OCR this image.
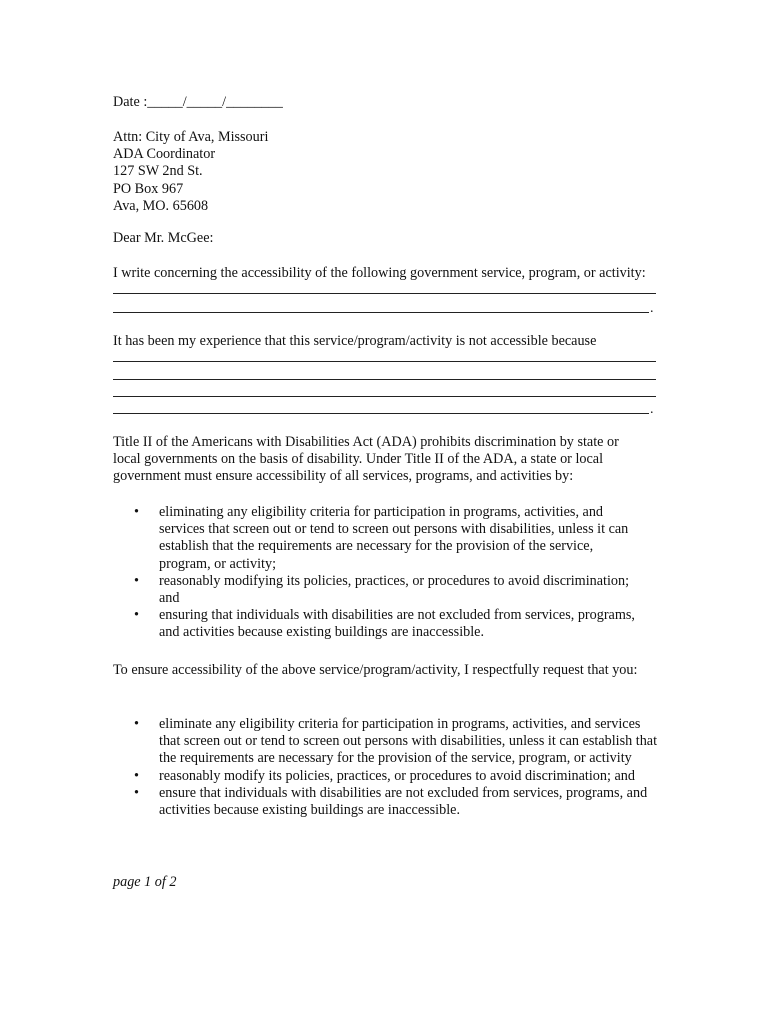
Date :_____/_____/________
Attn: City of Ava, Missouri
ADA Coordinator
127 SW 2nd St.
PO Box 967
Ava, MO. 65608
Dear Mr. McGee:
I write concerning the accessibility of the following government service, program, or activity:
.
It has been my experience that this service/program/activity is not accessible because
.
Title II of the Americans with Disabilities Act (ADA) prohibits discrimination by state or local governments on the basis of disability. Under Title II of the ADA, a state or local government must ensure accessibility of all services, programs, and activities by:
• eliminating any eligibility criteria for participation in programs, activities, and services that screen out or tend to screen out persons with disabilities, unless it can establish that the requirements are necessary for the provision of the service, program, or activity;
• reasonably modifying its policies, practices, or procedures to avoid discrimination; and
• ensuring that individuals with disabilities are not excluded from services, programs, and activities because existing buildings are inaccessible.
To ensure accessibility of the above service/program/activity, I respectfully request that you:
• eliminate any eligibility criteria for participation in programs, activities, and services that screen out or tend to screen out persons with disabilities, unless it can establish that the requirements are necessary for the provision of the service, program, or activity
• reasonably modify its policies, practices, or procedures to avoid discrimination; and
• ensure that individuals with disabilities are not excluded from services, programs, and activities because existing buildings are inaccessible.
page 1 of 2
